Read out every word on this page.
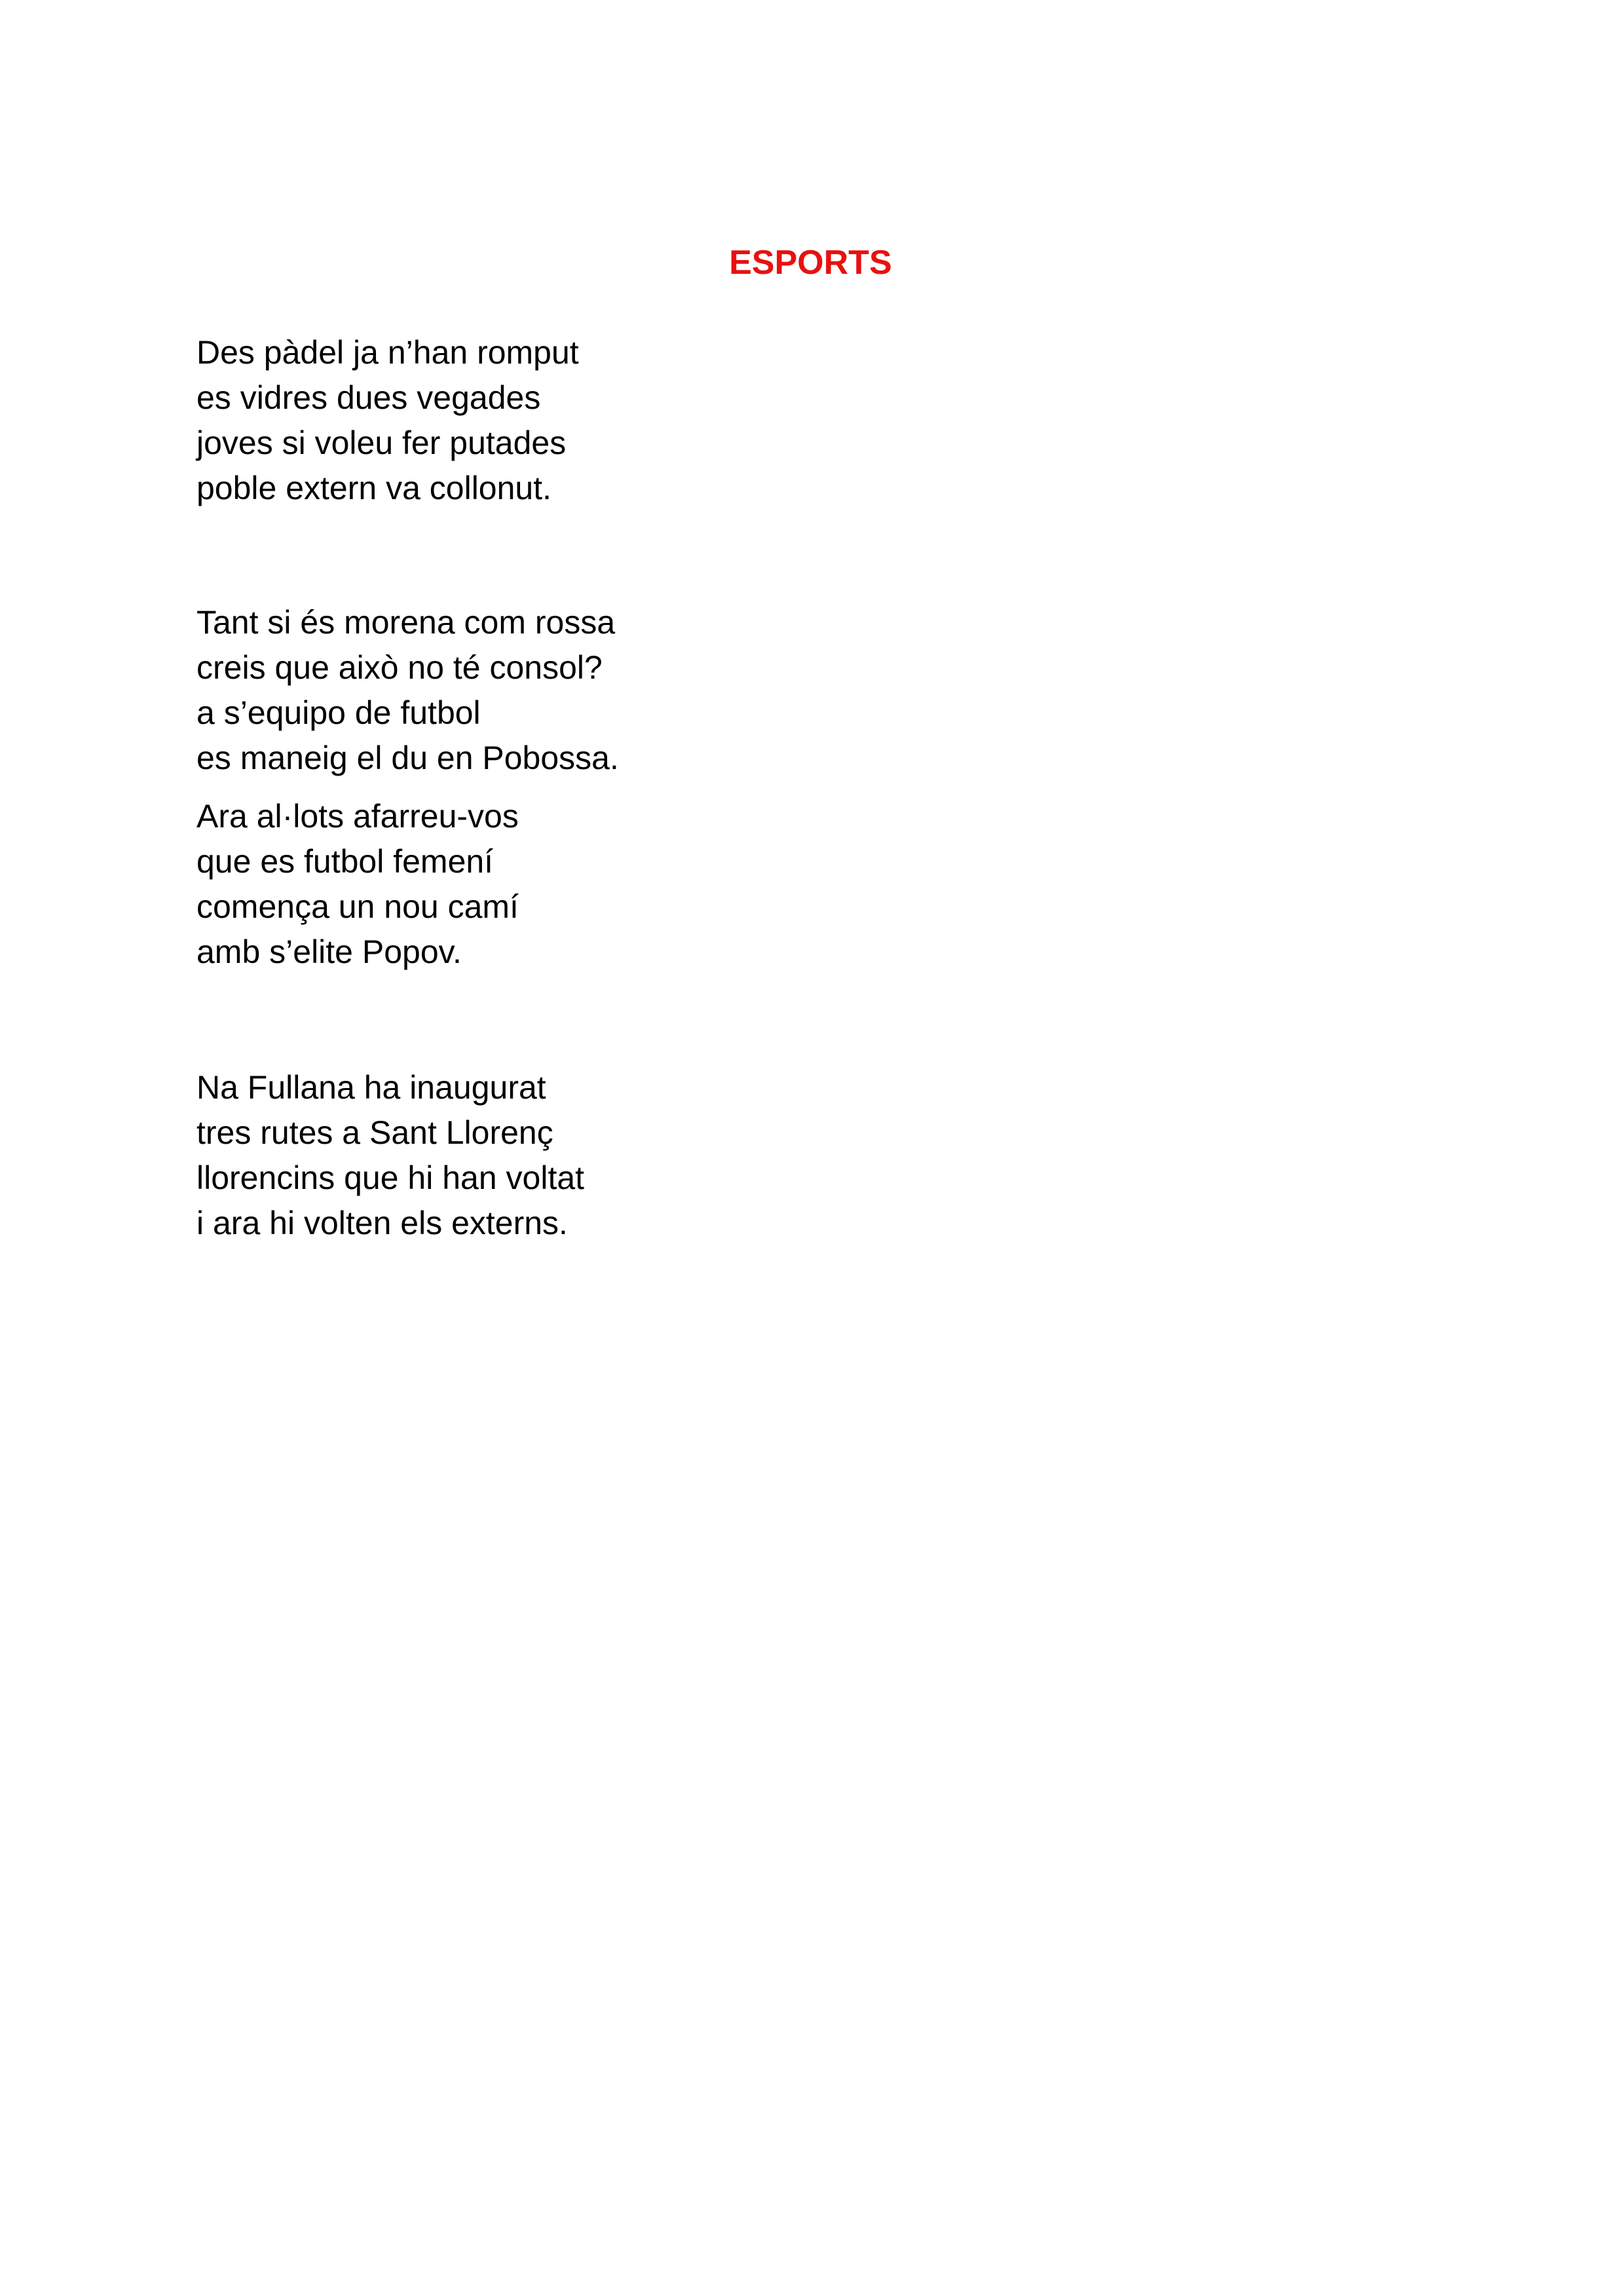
ESPORTS
Des pàdel ja n’han romput
es vidres dues vegades
joves si voleu fer putades
poble extern va collonut.
Tant si és morena com rossa
creis que això no té consol?
a s’equipo de futbol
es maneig el du en Pobossa.
Ara al·lots afarreu-vos
que es futbol femení
comença un nou camí
amb s’elite Popov.
Na Fullana ha inaugurat
tres rutes a Sant Llorenç
llorencins que hi han voltat
i ara hi volten els externs.
